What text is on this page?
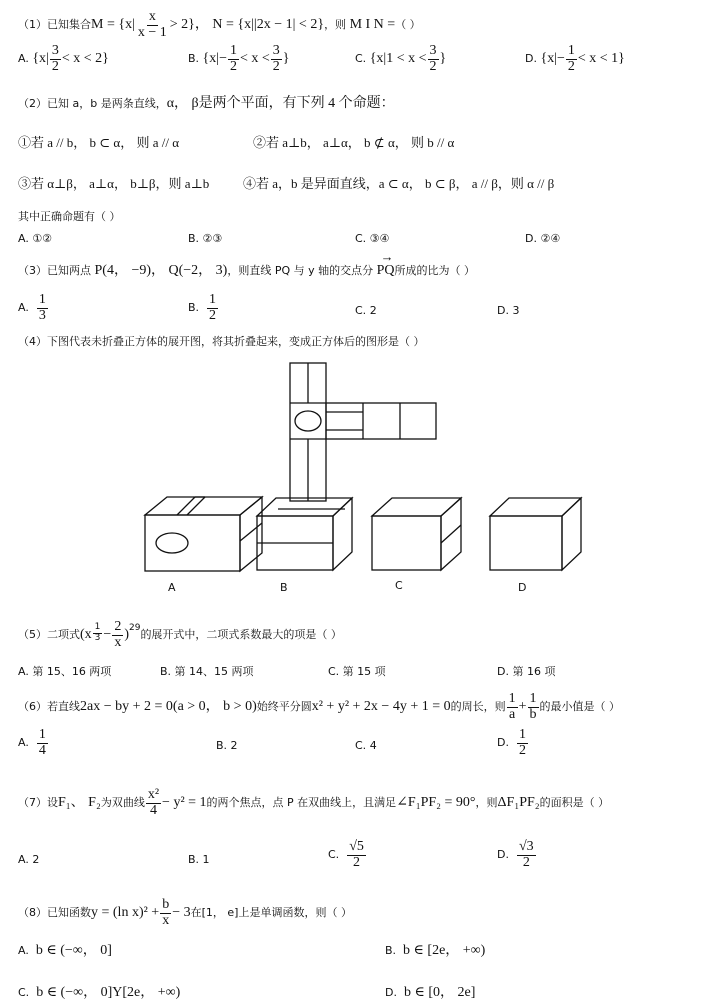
（1）已知集合$M = \{x| \frac{x}{x - 1} > 2\}$， N = {x||2x − 1| < 2}，则 M I N =（ ）
A. $\{x| \frac{3}{2} < x < 2\}$	B. {$x|- \frac{1}{2} < x < \frac{3}{2}$ }	C. {$x|1 < x < \frac{3}{2}$ }	D. $\{x|- \frac{1}{2} < x < 1\}$
（2）已知 a，b 是两条直线，α， β是两个平面，有下列 4 个命题：
①若 a // b， b ⊂ α， 则 a // α	②若 a⊥b， a⊥α， b ⊄ α， 则 b // α
③若 α⊥β， a⊥α， b⊥β，则 a⊥b	④若 a，b 是异面直线，a ⊂ α， b ⊂ β， a // β，则 α // β
其中正确命题有（ ）
A. ①②	B. ②③	C. ③④	D. ②④
（3）已知两点 P(4， −9)， Q(−2， 3)，则直线 PQ 与 y 轴的交点分
→
PQ所成的比为（ ）
A. $\frac{1}{3}$	B. $\frac{1}{2}$	C. 2	D. 3
（4）下图代表未折叠正方体的展开图，将其折叠起来，变成正方体后的图形是（ ）
A	B	C	D
（5）二项式$(x \frac{1}{3} - \frac{2}{x} )^{29}$的展开式中，二项式系数最大的项是（ ）
A. 第 15、16 两项	B. 第 14、15 两项	C. 第 15 项	D. 第 16 项
（6）若直线2ax − by + 2 = 0(a > 0， b > 0)始终平分圆x² + y² + 2x − 4y + 1 = 0的周长，则 $\frac{1}{a} + \frac{1}{b}$ 的最小值是（ ）
A. $\frac{1}{4}$	B. 2	C. 4	D. $\frac{1}{2}$
（7）设F₁、 F₂为双曲线 $\frac{\text{x²}}{4} - y^2 = 1$的两个焦点，点 P 在双曲线上，且满足∠F₁PF₂ = 90°，则ΔF₁PF₂的面积是（ ）
A. 2	B. 1	C. $\frac{√5}{2}$	D. $\frac{√3}{2}$
（8）已知函数y = (ln $x)^2 + \frac{b}{x} - 3$在[1， e]上是单调函数，则（ ）
A. b ∈ (−∞， 0]	B. b ∈ [2e， +∞)
C. b ∈ (−∞， 0]Y[2e， +∞)	D. b ∈ [0， 2e]
